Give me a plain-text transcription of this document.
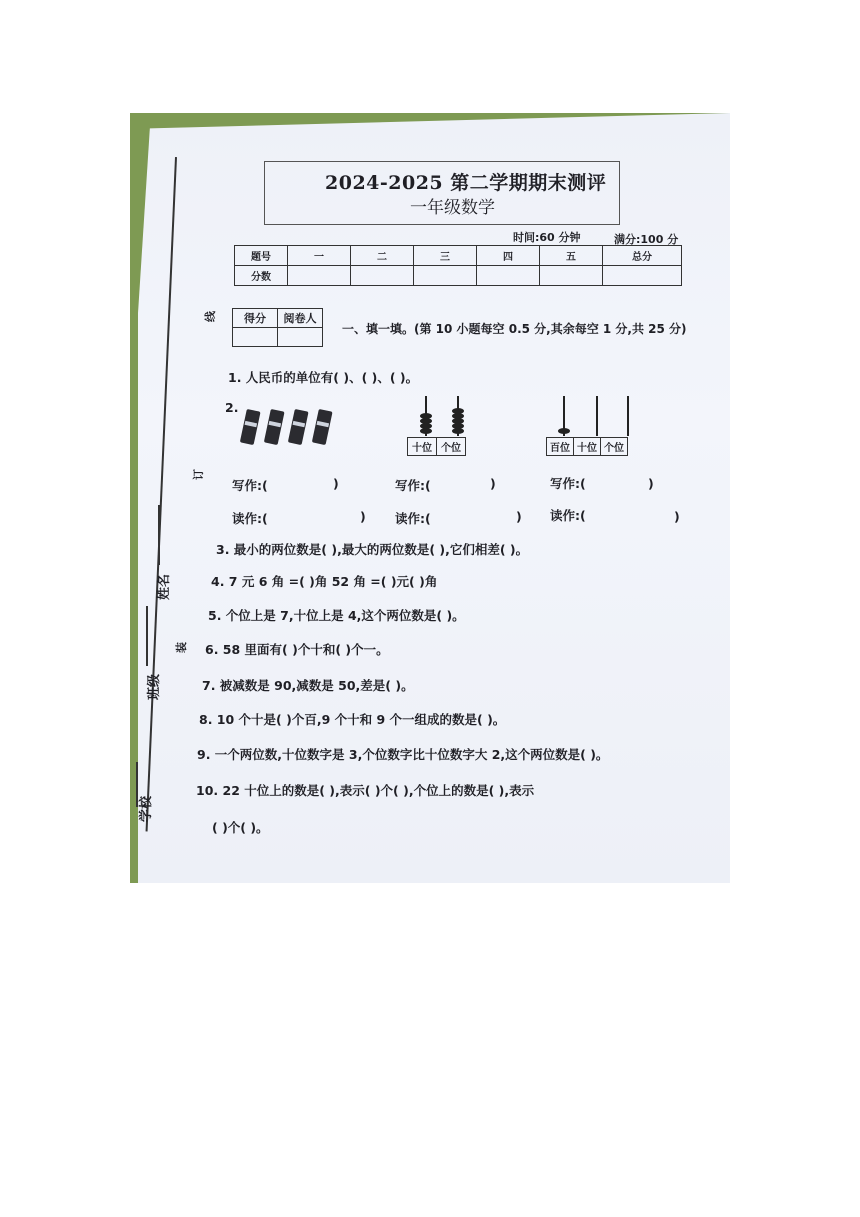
学校
班级
姓名
线
订
装
2024-2025 第二学期期末测评
一年级数学
时间:60 分钟	满分:100 分
题号	一	二	三	四	五	总分
分数						
得分	阅卷人

一、填一填。(第 10 小题每空 0.5 分,其余每空 1 分,共 25 分)
1. 人民币的单位有( )、( )、( )。
2.
十位 个位	百位 十位 个位
写作:(	)	写作:(	)	写作:(	)
读作:(	) 读作:(	) 读作:(	)
3. 最小的两位数是( ),最大的两位数是( ),它们相差( )。
4. 7 元 6 角 =( )角 52 角 =( )元( )角
5. 个位上是 7,十位上是 4,这个两位数是( )。
6. 58 里面有( )个十和( )个一。
7. 被减数是 90,减数是 50,差是( )。
8. 10 个十是( )个百,9 个十和 9 个一组成的数是( )。
9. 一个两位数,十位数字是 3,个位数字比十位数字大 2,这个两位数是( )。
10. 22 十位上的数是( ),表示( )个( ),个位上的数是( ),表示
( )个( )。
